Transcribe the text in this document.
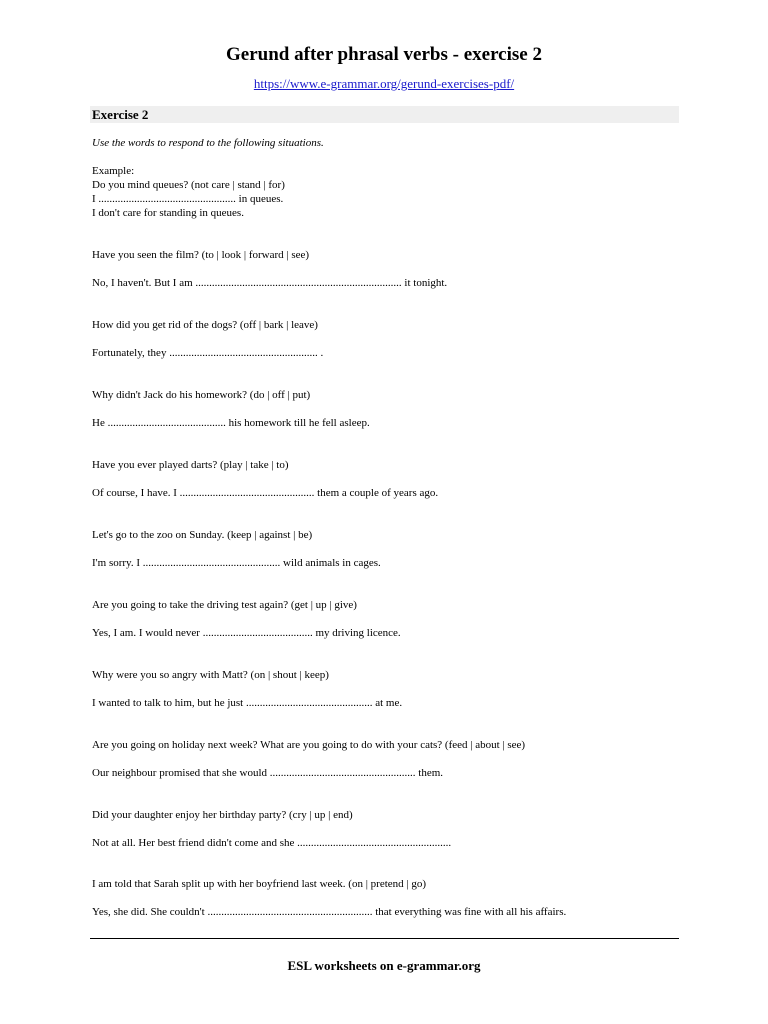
Gerund after phrasal verbs - exercise 2
https://www.e-grammar.org/gerund-exercises-pdf/
Exercise 2
Use the words to respond to the following situations.
Example:
Do you mind queues? (not care | stand | for)
I .................................................. in queues.
I don't care for standing in queues.
Have you seen the film? (to | look | forward | see)
No, I haven't. But I am ........................................................................... it tonight.
How did you get rid of the dogs? (off | bark | leave)
Fortunately, they ...................................................... .
Why didn't Jack do his homework? (do | off | put)
He ........................................... his homework till he fell asleep.
Have you ever played darts? (play | take | to)
Of course, I have. I ................................................. them a couple of years ago.
Let's go to the zoo on Sunday. (keep | against | be)
I'm sorry. I .................................................. wild animals in cages.
Are you going to take the driving test again? (get | up | give)
Yes, I am. I would never ........................................ my driving licence.
Why were you so angry with Matt? (on | shout | keep)
I wanted to talk to him, but he just .............................................. at me.
Are you going on holiday next week? What are you going to do with your cats? (feed | about | see)
Our neighbour promised that she would ..................................................... them.
Did your daughter enjoy her birthday party? (cry | up | end)
Not at all. Her best friend didn't come and she ........................................................
I am told that Sarah split up with her boyfriend last week. (on | pretend | go)
Yes, she did. She couldn't ............................................................ that everything was fine with all his affairs.
ESL worksheets on e-grammar.org
